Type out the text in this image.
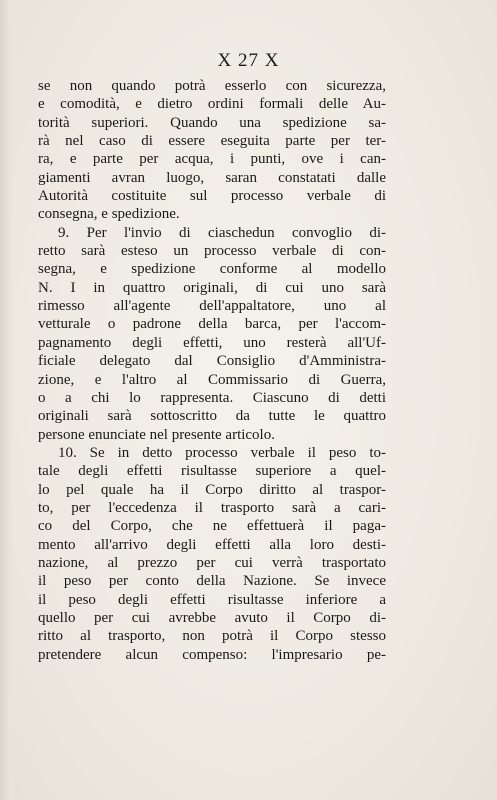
X 27 X
se non quando potrà esserlo con sicurezza,
e comodità, e dietro ordini formali delle Au-
torità superiori. Quando una spedizione sa-
rà nel caso di essere eseguita parte per ter-
ra, e parte per acqua, i punti, ove i can-
giamenti avran luogo, saran constatati dalle
Autorità costituite sul processo verbale di
consegna, e spedizione.
9. Per l'invio di ciaschedun convoglio di-
retto sarà esteso un processo verbale di con-
segna, e spedizione conforme al modello
N. I in quattro originali, di cui uno sarà
rimesso all'agente dell'appaltatore, uno al
vetturale o padrone della barca, per l'accom-
pagnamento degli effetti, uno resterà all'Uf-
ficiale delegato dal Consiglio d'Amministra-
zione, e l'altro al Commissario di Guerra,
o a chi lo rappresenta. Ciascuno di detti
originali sarà sottoscritto da tutte le quattro
persone enunciate nel presente articolo.
10. Se in detto processo verbale il peso to-
tale degli effetti risultasse superiore a quel-
lo pel quale ha il Corpo diritto al traspor-
to, per l'eccedenza il trasporto sarà a cari-
co del Corpo, che ne effettuerà il paga-
mento all'arrivo degli effetti alla loro desti-
nazione, al prezzo per cui verrà trasportato
il peso per conto della Nazione. Se invece
il peso degli effetti risultasse inferiore a
quello per cui avrebbe avuto il Corpo di-
ritto al trasporto, non potrà il Corpo stesso
pretendere alcun compenso: l'impresario pe-
